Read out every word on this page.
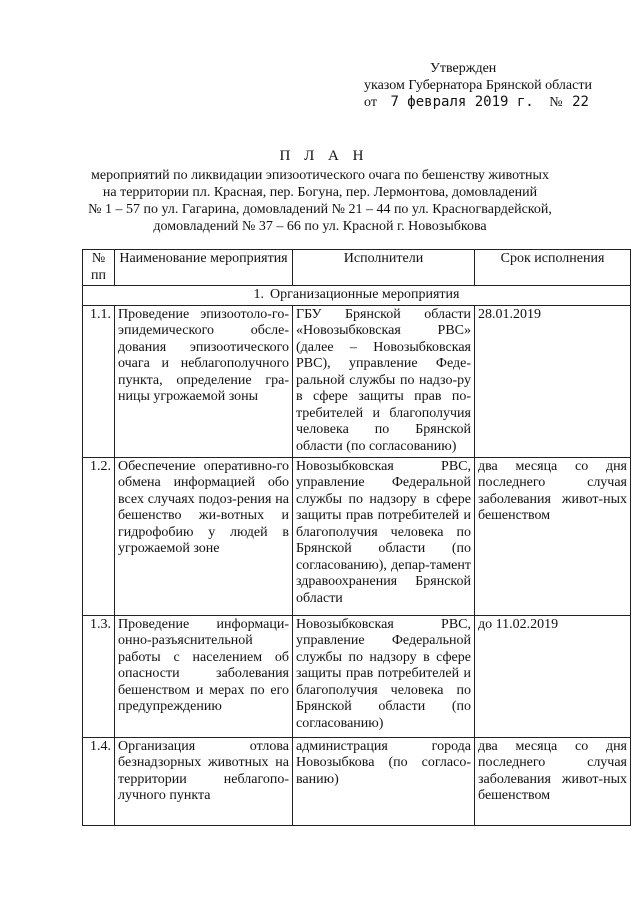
Утвержден
указом Губернатора Брянской области
от 7 февраля 2019 г. № 22
П Л А Н
мероприятий по ликвидации эпизоотического очага по бешенству животных
на территории пл. Красная, пер. Богуна, пер. Лермонтова, домовладений
№ 1 – 57 по ул. Гагарина, домовладений № 21 – 44 по ул. Красногвардейской,
домовладений № 37 – 66 по ул. Красной г. Новозыбкова
№ пп	Наименование мероприятия	Исполнители	Срок исполнения
1. Организационные мероприятия			
1.1.	Проведение эпизоотоло-го-эпидемического обсле-дования эпизоотического очага и неблагополучного пункта, определение гра-ницы угрожаемой зоны	ГБУ Брянской области «Новозыбковская РВС» (далее – Новозыбковская РВС), управление Феде-ральной службы по надзо-ру в сфере защиты прав по-требителей и благополучия человека по Брянской области (по согласованию)	28.01.2019
1.2.	Обеспечение оперативно-го обмена информацией обо всех случаях подоз-рения на бешенство жи-вотных и гидрофобию у людей в угрожаемой зоне	Новозыбковская РВС, управление Федеральной службы по надзору в сфере защиты прав потребителей и благополучия человека по Брянской области (по согласованию), депар-тамент здравоохранения Брянской области	два месяца со дня последнего случая заболевания живот-ных бешенством
1.3.	Проведение информаци-онно-разъяснительной работы с населением об опасности заболевания бешенством и мерах по его предупреждению	Новозыбковская РВС, управление Федеральной службы по надзору в сфере защиты прав потребителей и благополучия человека по Брянской области (по согласованию)	до 11.02.2019
1.4.	Организация отлова безнадзорных животных на территории неблагопо-лучного пункта	администрация города Новозыбкова (по согласо-ванию)	два месяца со дня последнего случая заболевания живот-ных бешенством
